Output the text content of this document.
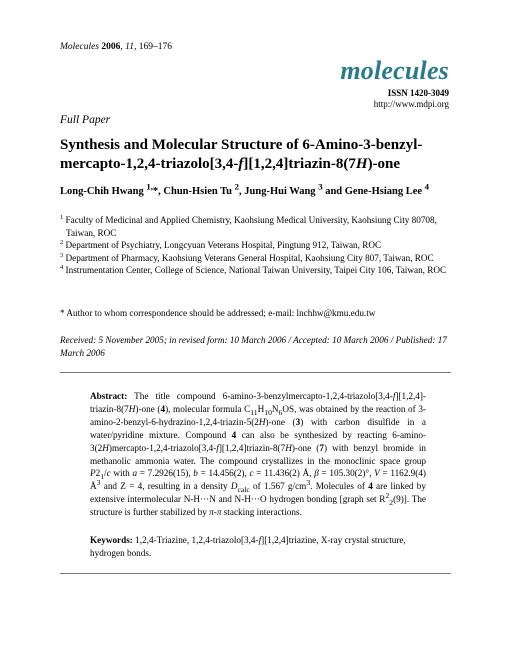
Molecules 2006, 11, 169–176
molecules
ISSN 1420-3049
http://www.mdpi.org
Full Paper
Synthesis and Molecular Structure of 6-Amino-3-benzyl-mercapto-1,2,4-triazolo[3,4-f][1,2,4]triazin-8(7H)-one
Long-Chih Hwang $^{1,}$*, Chun-Hsien Tu $^2$, Jung-Hui Wang $^3$ and Gene-Hsiang Lee $^4$
$^1$ Faculty of Medicinal and Applied Chemistry, Kaohsiung Medical University, Kaohsiung City 80708, Taiwan, ROC
$^2$ Department of Psychiatry, Longcyuan Veterans Hospital, Pingtung 912, Taiwan, ROC
$^3$ Department of Pharmacy, Kaohsiung Veterans General Hospital, Kaohsiung City 807, Taiwan, ROC
$^4$ Instrumentation Center, College of Science, National Taiwan University, Taipei City 106, Taiwan, ROC
* Author to whom correspondence should be addressed; e-mail: lnchhw@kmu.edu.tw
Received: 5 November 2005; in revised form: 10 March 2006 / Accepted: 10 March 2006 / Published: 17 March 2006
Abstract: The title compound 6-amino-3-benzylmercapto-1,2,4-triazolo[3,4-f][1,2,4]-triazin-8(7H)-one (4), molecular formula $C_{11}H_{10}N_6OS$, was obtained by the reaction of 3-amino-2-benzyl-6-hydrazino-1,2,4-triazin-5(2H)-one (3) with carbon disulfide in a water/pyridine mixture. Compound 4 can also be synthesized by reacting 6-amino-3(2H)mercapto-1,2,4-triazolo[3,4-f][1,2,4]triazin-8(7H)-one (7) with benzyl bromide in methanolic ammonia water. The compound crystallizes in the monoclinic space group $P2_1/c$ with a = 7.2926(15), b = 14.456(2), c = 11.436(2) Å, β = 105.30(2)°, V = 1162.9(4) $Å^3$ and Z = 4, resulting in a density $D_{calc}$ of 1.567 $g/cm^3$. Molecules of 4 are linked by extensive intermolecular N-H···N and N-H···O hydrogen bonding [graph set $R^2_2(9)$]. The structure is further stabilized by π-π stacking interactions.
Keywords: 1,2,4-Triazine, 1,2,4-triazolo[3,4-f][1,2,4]triazine, X-ray crystal structure, hydrogen bonds.
